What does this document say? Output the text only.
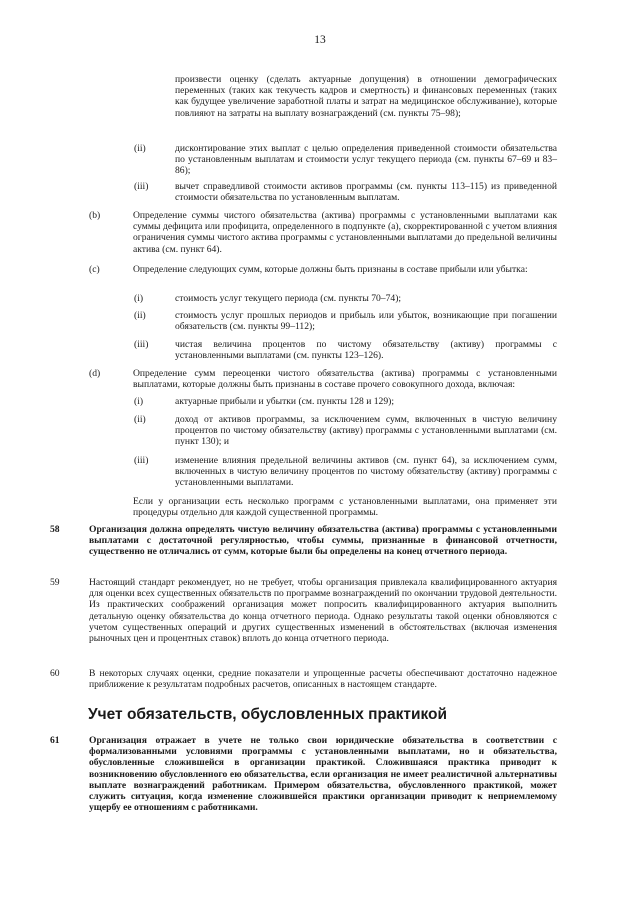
13

произвести оценку (сделать актуарные допущения) в отношении демографических переменных (таких как текучесть кадров и смертность) и финансовых переменных (таких как будущее увеличение заработной платы и затрат на медицинское обслуживание), которые повлияют на затраты на выплату вознаграждений (см. пункты 75–98);

(ii)	дисконтирование этих выплат с целью определения приведенной стоимости обязательства по установленным выплатам и стоимости услуг текущего периода (см. пункты 67–69 и 83–86);

(iii)	вычет справедливой стоимости активов программы (см. пункты 113–115) из приведенной стоимости обязательства по установленным выплатам.

(b)	Определение суммы чистого обязательства (актива) программы с установленными выплатами как суммы дефицита или профицита, определенного в подпункте (a), скорректированной с учетом влияния ограничения суммы чистого актива программы с установленными выплатами до предельной величины актива (см. пункт 64).

(c)	Определение следующих сумм, которые должны быть признаны в составе прибыли или убытка:

(i)	стоимость услуг текущего периода (см. пункты 70–74);

(ii)	стоимость услуг прошлых периодов и прибыль или убыток, возникающие при погашении обязательств (см. пункты 99–112);

(iii)	чистая величина процентов по чистому обязательству (активу) программы с установленными выплатами (см. пункты 123–126).

(d)	Определение сумм переоценки чистого обязательства (актива) программы с установленными выплатами, которые должны быть признаны в составе прочего совокупного дохода, включая:

(i)	актуарные прибыли и убытки (см. пункты 128 и 129);

(ii)	доход от активов программы, за исключением сумм, включенных в чистую величину процентов по чистому обязательству (активу) программы с установленными выплатами (см. пункт 130); и

(iii)	изменение влияния предельной величины активов (см. пункт 64), за исключением сумм, включенных в чистую величину процентов по чистому обязательству (активу) программы с установленными выплатами.

Если у организации есть несколько программ с установленными выплатами, она применяет эти процедуры отдельно для каждой существенной программы.

58	Организация должна определять чистую величину обязательства (актива) программы с установленными выплатами с достаточной регулярностью, чтобы суммы, признанные в финансовой отчетности, существенно не отличались от сумм, которые были бы определены на конец отчетного периода.

59	Настоящий стандарт рекомендует, но не требует, чтобы организация привлекала квалифицированного актуария для оценки всех существенных обязательств по программе вознаграждений по окончании трудовой деятельности. Из практических соображений организация может попросить квалифицированного актуария выполнить детальную оценку обязательства до конца отчетного периода. Однако результаты такой оценки обновляются с учетом существенных операций и других существенных изменений в обстоятельствах (включая изменения рыночных цен и процентных ставок) вплоть до конца отчетного периода.

60	В некоторых случаях оценки, средние показатели и упрощенные расчеты обеспечивают достаточно надежное приближение к результатам подробных расчетов, описанных в настоящем стандарте.

Учет обязательств, обусловленных практикой
61	Организация отражает в учете не только свои юридические обязательства в соответствии с формализованными условиями программы с установленными выплатами, но и обязательства, обусловленные сложившейся в организации практикой. Сложившаяся практика приводит к возникновению обусловленного ею обязательства, если организация не имеет реалистичной альтернативы выплате вознаграждений работникам. Примером обязательства, обусловленного практикой, может служить ситуация, когда изменение сложившейся практики организации приводит к неприемлемому ущербу ее отношениям с работниками.
